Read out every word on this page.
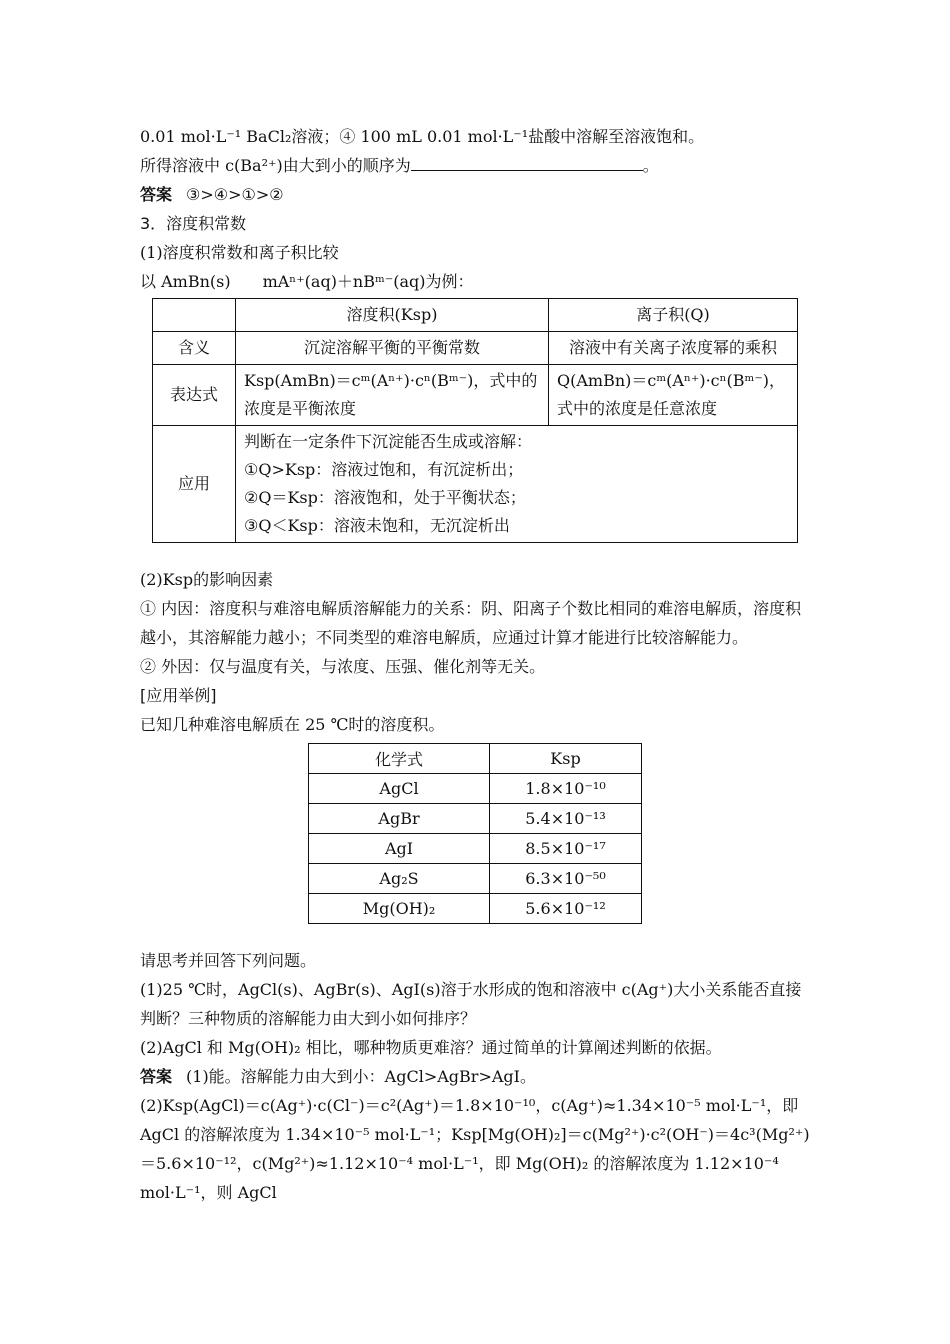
0.01 mol·L⁻¹ BaCl₂溶液；④ 100 mL 0.01 mol·L⁻¹盐酸中溶解至溶液饱和。

所得溶液中 c(Ba²⁺)由大到小的顺序为	。

答案 ③>④>①>②

3．溶度积常数

(1)溶度积常数和离子积比较

以 AmBn(s)　　mAⁿ⁺(aq)＋nBᵐ⁻(aq)为例：

	溶度积(Ksp)	离子积(Q)
含义	沉淀溶解平衡的平衡常数	溶液中有关离子浓度幂的乘积
表达式	Ksp(AmBn)＝cᵐ(Aⁿ⁺)·cⁿ(Bᵐ⁻)，式中的浓度是平衡浓度	Q(AmBn)＝cᵐ(Aⁿ⁺)·cⁿ(Bᵐ⁻)，式中的浓度是任意浓度
应用	判断在一定条件下沉淀能否生成或溶解：
①Q>Ksp：溶液过饱和，有沉淀析出；
②Q＝Ksp：溶液饱和，处于平衡状态；
③Q＜Ksp：溶液未饱和，无沉淀析出	

(2)Ksp的影响因素

① 内因：溶度积与难溶电解质溶解能力的关系：阴、阳离子个数比相同的难溶电解质，溶度积越小，其溶解能力越小；不同类型的难溶电解质，应通过计算才能进行比较溶解能力。

② 外因：仅与温度有关，与浓度、压强、催化剂等无关。

[应用举例]

已知几种难溶电解质在 25 ℃时的溶度积。

化学式	Ksp
AgCl	1.8×10⁻¹⁰
AgBr	5.4×10⁻¹³
AgI	8.5×10⁻¹⁷
Ag₂S	6.3×10⁻⁵⁰
Mg(OH)₂	5.6×10⁻¹²

请思考并回答下列问题。

(1)25 ℃时，AgCl(s)、AgBr(s)、AgI(s)溶于水形成的饱和溶液中 c(Ag⁺)大小关系能否直接判断？三种物质的溶解能力由大到小如何排序？

(2)AgCl 和 Mg(OH)₂ 相比，哪种物质更难溶？通过简单的计算阐述判断的依据。

答案 (1)能。溶解能力由大到小：AgCl>AgBr>AgI。

(2)Ksp(AgCl)＝c(Ag⁺)·c(Cl⁻)＝c²(Ag⁺)＝1.8×10⁻¹⁰，c(Ag⁺)≈1.34×10⁻⁵ mol·L⁻¹，即 AgCl 的溶解浓度为 1.34×10⁻⁵ mol·L⁻¹；Ksp[Mg(OH)₂]＝c(Mg²⁺)·c²(OH⁻)＝4c³(Mg²⁺)＝5.6×10⁻¹²，c(Mg²⁺)≈1.12×10⁻⁴ mol·L⁻¹，即 Mg(OH)₂ 的溶解浓度为 1.12×10⁻⁴ mol·L⁻¹，则 AgCl
